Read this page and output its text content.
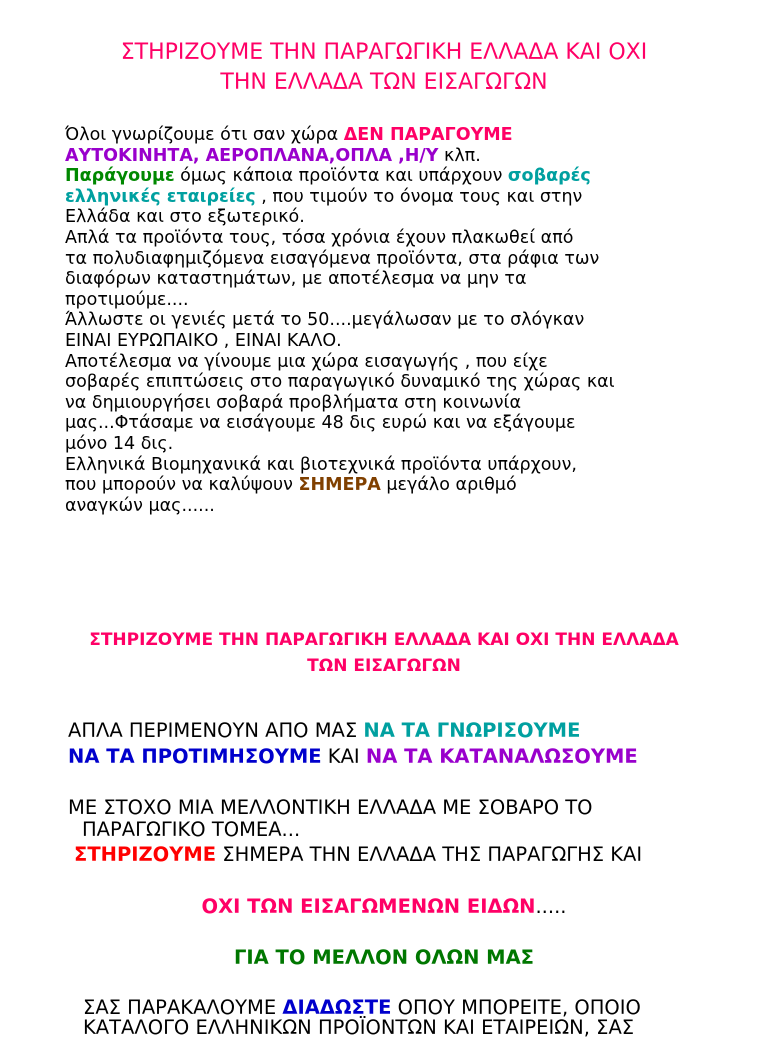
ΣΤΗΡΙΖΟΥΜΕ ΤΗΝ ΠΑΡΑΓΩΓΙΚΗ ΕΛΛΑΔΑ ΚΑΙ ΟΧΙ
ΤΗΝ ΕΛΛΑΔΑ ΤΩΝ ΕΙΣΑΓΩΓΩΝ

Όλοι γνωρίζουμε ότι σαν χώρα ΔΕΝ ΠΑΡΑΓΟΥΜΕ

ΑΥΤΟΚΙΝΗΤΑ, ΑΕΡΟΠΛΑΝΑ,ΟΠΛΑ ,Η/Υ κλπ.

Παράγουμε όμως κάποια προϊόντα και υπάρχουν σοβαρές

ελληνικές εταιρείες , που τιμούν το όνομα τους και στην

Ελλάδα και στο εξωτερικό.

Απλά τα προϊόντα τους, τόσα χρόνια έχουν πλακωθεί από

τα πολυδιαφημιζόμενα εισαγόμενα προϊόντα, στα ράφια των

διαφόρων καταστημάτων, με αποτέλεσμα να μην τα

προτιμούμε....

Άλλωστε οι γενιές μετά το 50....μεγάλωσαν με το σλόγκαν

ΕΙΝΑΙ ΕΥΡΩΠΑΙΚΟ , ΕΙΝΑΙ ΚΑΛΟ.

Αποτέλεσμα να γίνουμε μια χώρα εισαγωγής , που είχε

σοβαρές επιπτώσεις στο παραγωγικό δυναμικό της χώρας και

να δημιουργήσει σοβαρά προβλήματα στη κοινωνία

μας...Φτάσαμε να εισάγουμε 48 δις ευρώ και να εξάγουμε

μόνο 14 δις.

Ελληνικά Βιομηχανικά και βιοτεχνικά προϊόντα υπάρχουν,

που μπορούν να καλύψουν ΣΗΜΕΡΑ μεγάλο αριθμό

αναγκών μας......

ΣΤΗΡΙΖΟΥΜΕ ΤΗΝ ΠΑΡΑΓΩΓΙΚΗ ΕΛΛΑΔΑ ΚΑΙ ΟΧΙ ΤΗΝ ΕΛΛΑΔΑ
ΤΩΝ ΕΙΣΑΓΩΓΩΝ
ΑΠΛΑ ΠΕΡΙΜΕΝΟΥΝ ΑΠΟ ΜΑΣ ΝΑ ΤΑ ΓΝΩΡΙΣΟΥΜΕ
ΝΑ ΤΑ ΠΡΟΤΙΜΗΣΟΥΜΕ ΚΑΙ ΝΑ ΤΑ ΚΑΤΑΝΑΛΩΣΟΥΜΕ
ΜΕ ΣΤΟΧΟ ΜΙΑ ΜΕΛΛΟΝΤΙΚΗ ΕΛΛΑΔΑ ΜΕ ΣΟΒΑΡΟ ΤΟ
ΠΑΡΑΓΩΓΙΚΟ ΤΟΜΕΑ...
ΣΤΗΡΙΖΟΥΜΕ ΣΗΜΕΡΑ ΤΗΝ ΕΛΛΑΔΑ ΤΗΣ ΠΑΡΑΓΩΓΗΣ ΚΑΙ
ΟΧΙ ΤΩΝ ΕΙΣΑΓΩΜΕΝΩΝ ΕΙΔΩΝ.....
ΓΙΑ ΤΟ ΜΕΛΛΟΝ ΟΛΩΝ ΜΑΣ
ΣΑΣ ΠΑΡΑΚΑΛΟΥΜΕ ΔΙΑΔΩΣΤΕ ΟΠΟΥ ΜΠΟΡΕΙΤΕ, ΟΠΟΙΟ
ΚΑΤΑΛΟΓΟ ΕΛΛΗΝΙΚΩΝ ΠΡΟΪΟΝΤΩΝ ΚΑΙ ΕΤΑΙΡΕΙΩΝ, ΣΑΣ
